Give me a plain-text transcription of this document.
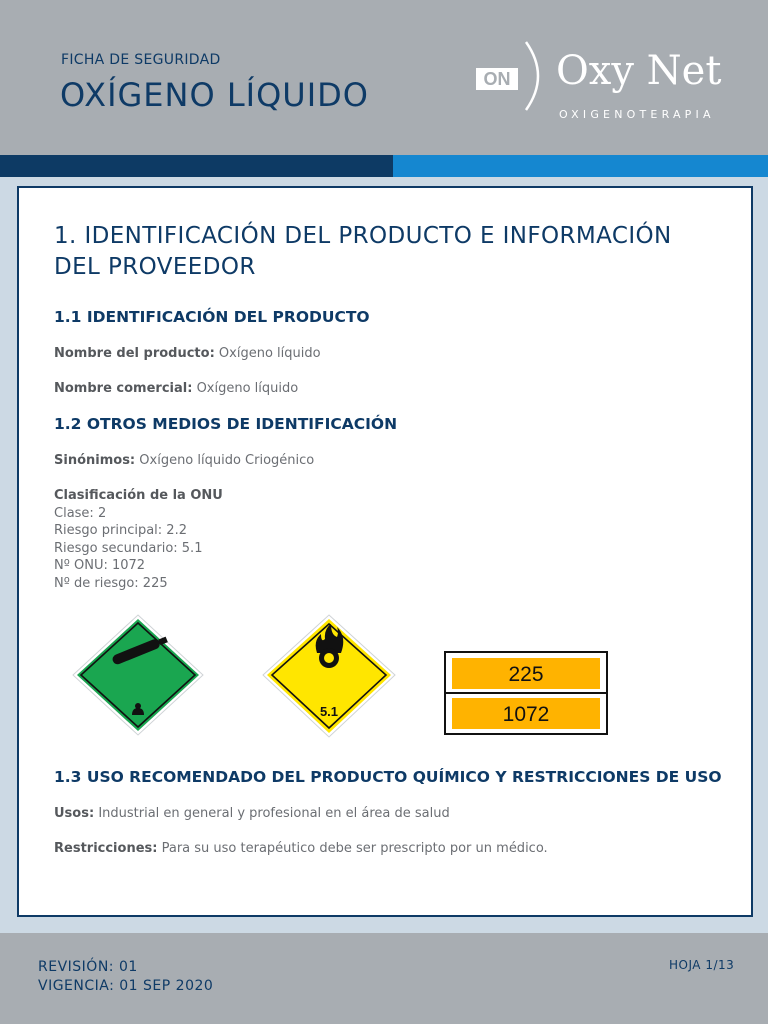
FICHA DE SEGURIDAD
OXÍGENO LÍQUIDO	ON Oxy Net
OXIGENOTERAPIA
1. IDENTIFICACIÓN DEL PRODUCTO E INFORMACIÓN DEL PROVEEDOR
1.1 IDENTIFICACIÓN DEL PRODUCTO
Nombre del producto: Oxígeno líquido
Nombre comercial: Oxígeno líquido
1.2 OTROS MEDIOS DE IDENTIFICACIÓN
Sinónimos: Oxígeno líquido Criogénico
Clasificación de la ONU
Clase: 2
Riesgo principal: 2.2
Riesgo secundario: 5.1
Nº ONU: 1072
Nº de riesgo: 225
5.1
225
1072
1.3 USO RECOMENDADO DEL PRODUCTO QUÍMICO Y RESTRICCIONES DE USO
Usos: Industrial en general y profesional en el área de salud
Restricciones: Para su uso terapéutico debe ser prescripto por un médico.
REVISIÓN: 01
VIGENCIA: 01 SEP 2020
HOJA 1/13
